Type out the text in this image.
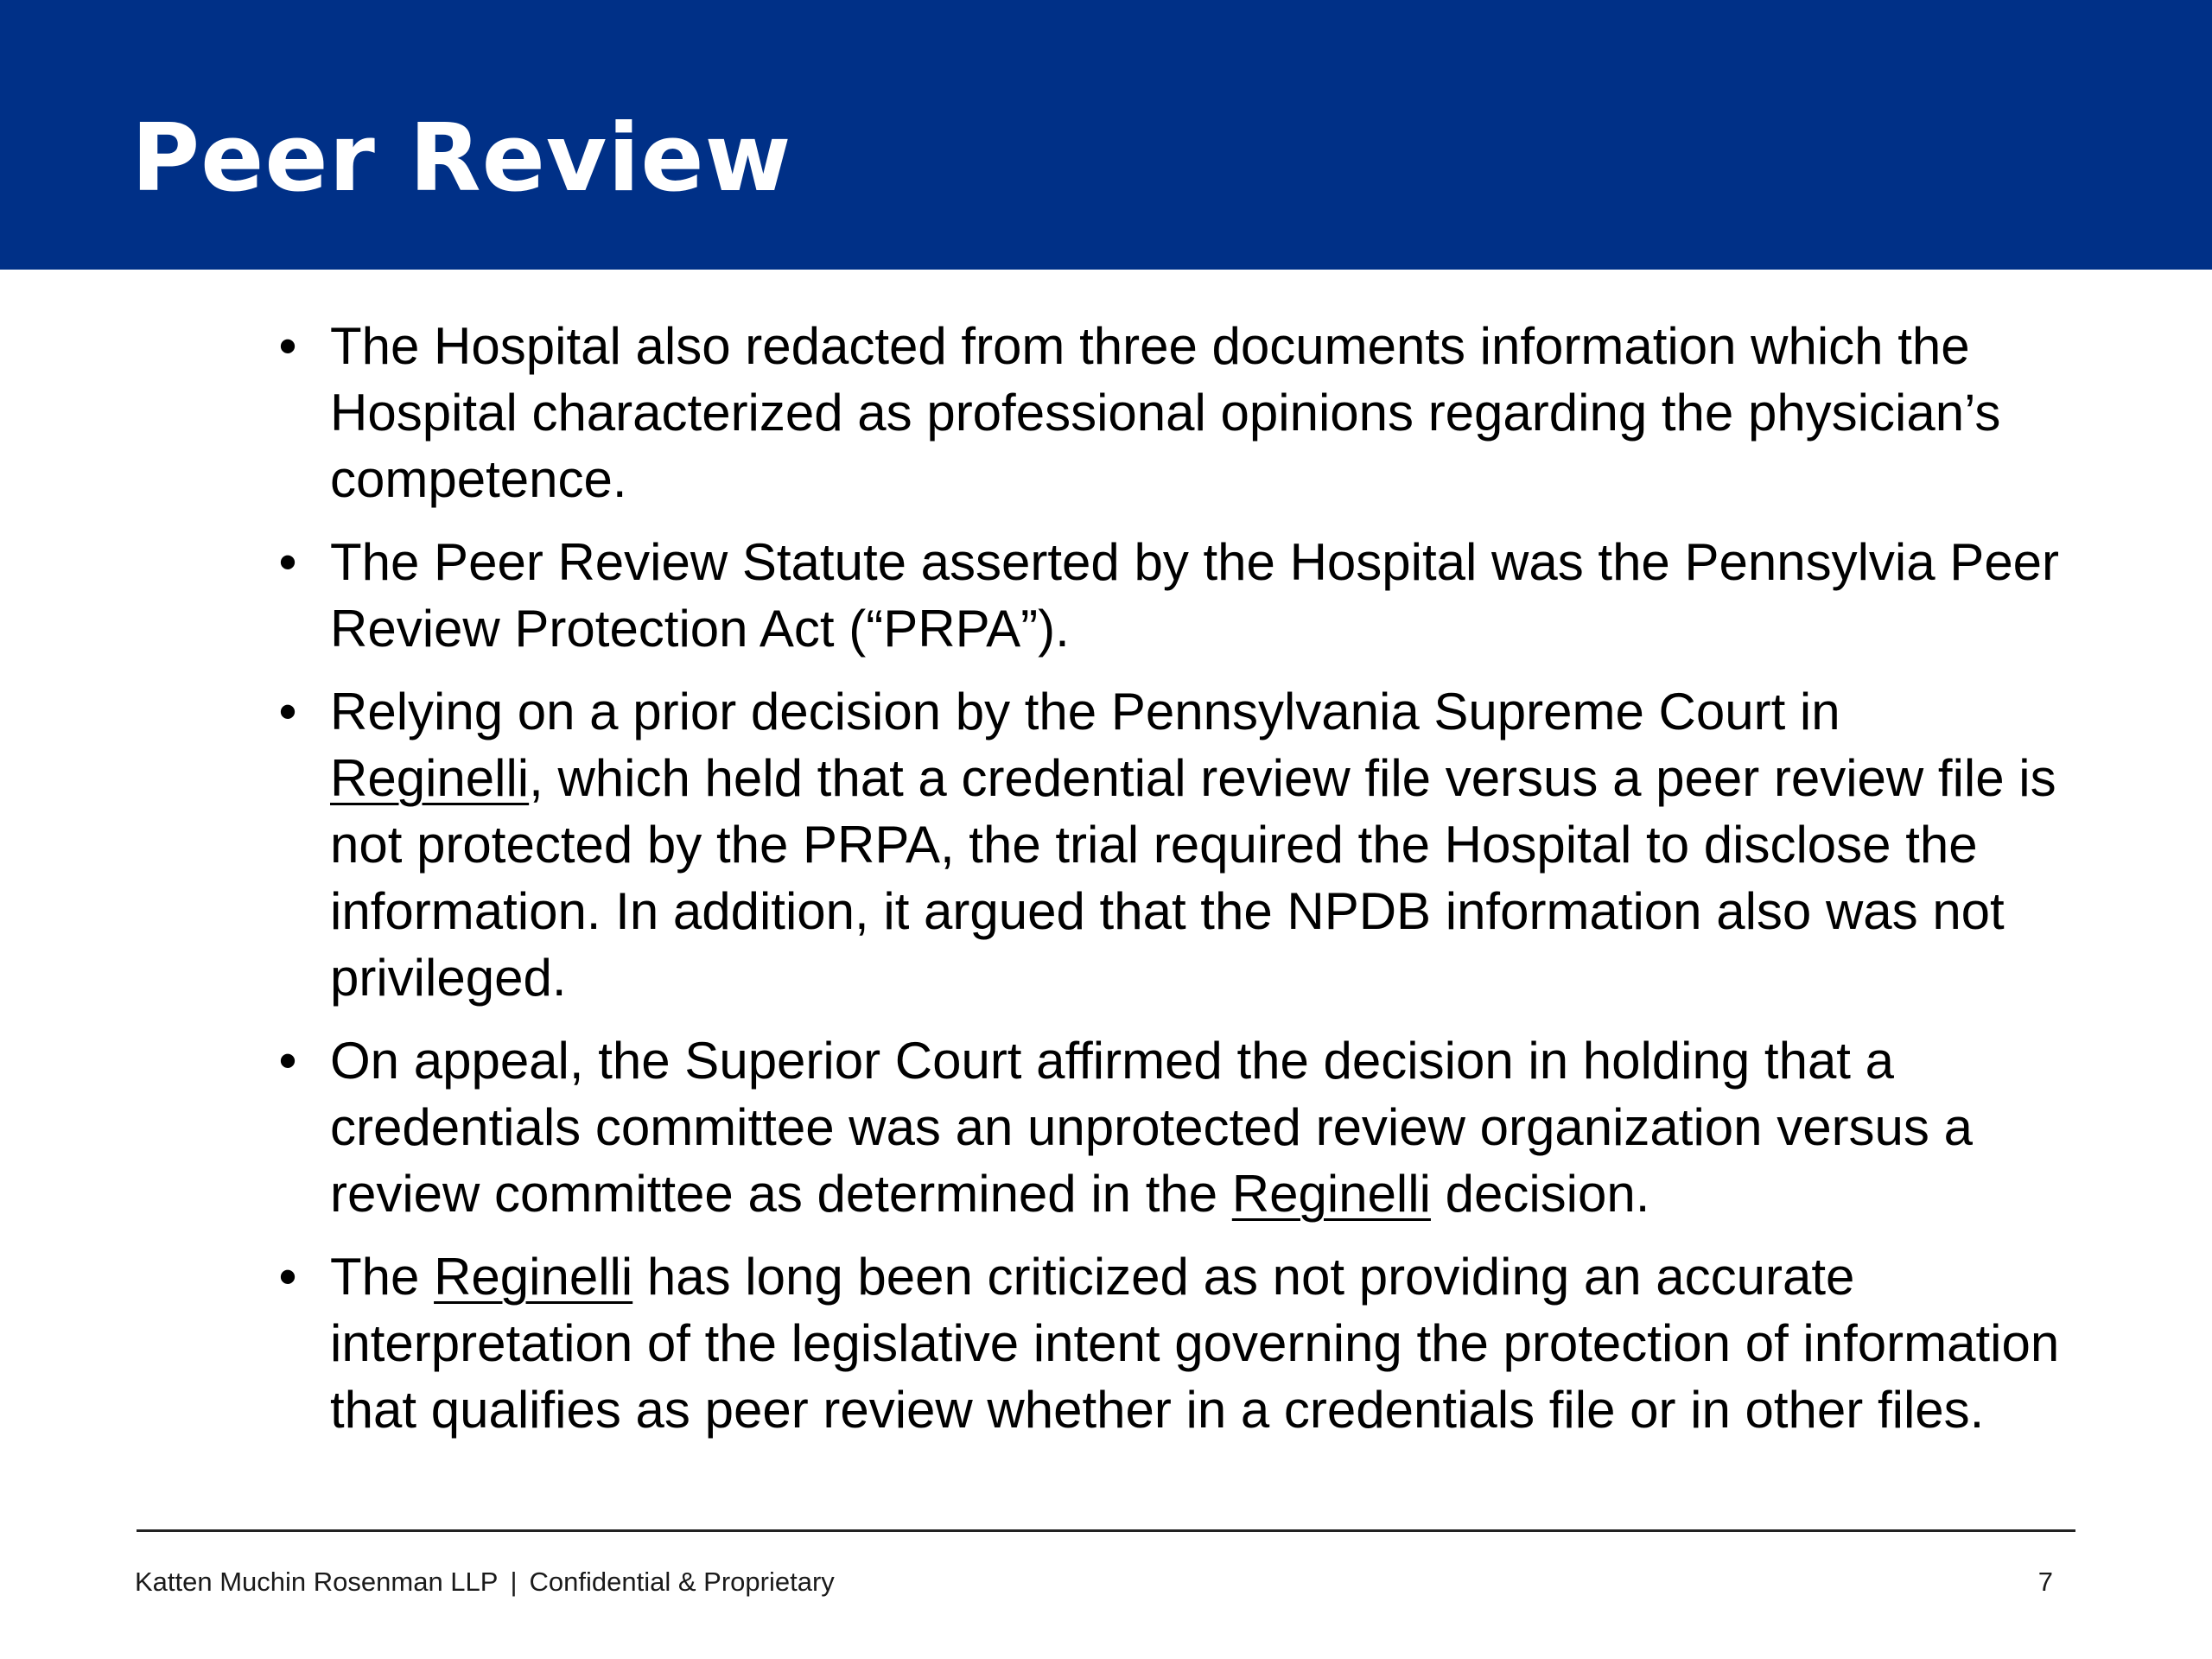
Peer Review
• The Hospital also redacted from three documents information which the Hospital characterized as professional opinions regarding the physician’s competence.
• The Peer Review Statute asserted by the Hospital was the Pennsylvia Peer Review Protection Act (“PRPA”).
• Relying on a prior decision by the Pennsylvania Supreme Court in Reginelli, which held that a credential review file versus a peer review file is not protected by the PRPA, the trial required the Hospital to disclose the information. In addition, it argued that the NPDB information also was not privileged.
• On appeal, the Superior Court affirmed the decision in holding that a credentials committee was an unprotected review organization versus a review committee as determined in the Reginelli decision.
• The Reginelli has long been criticized as not providing an accurate interpretation of the legislative intent governing the protection of information that qualifies as peer review whether in a credentials file or in other files.
Katten Muchin Rosenman LLP | Confidential & Proprietary	7
